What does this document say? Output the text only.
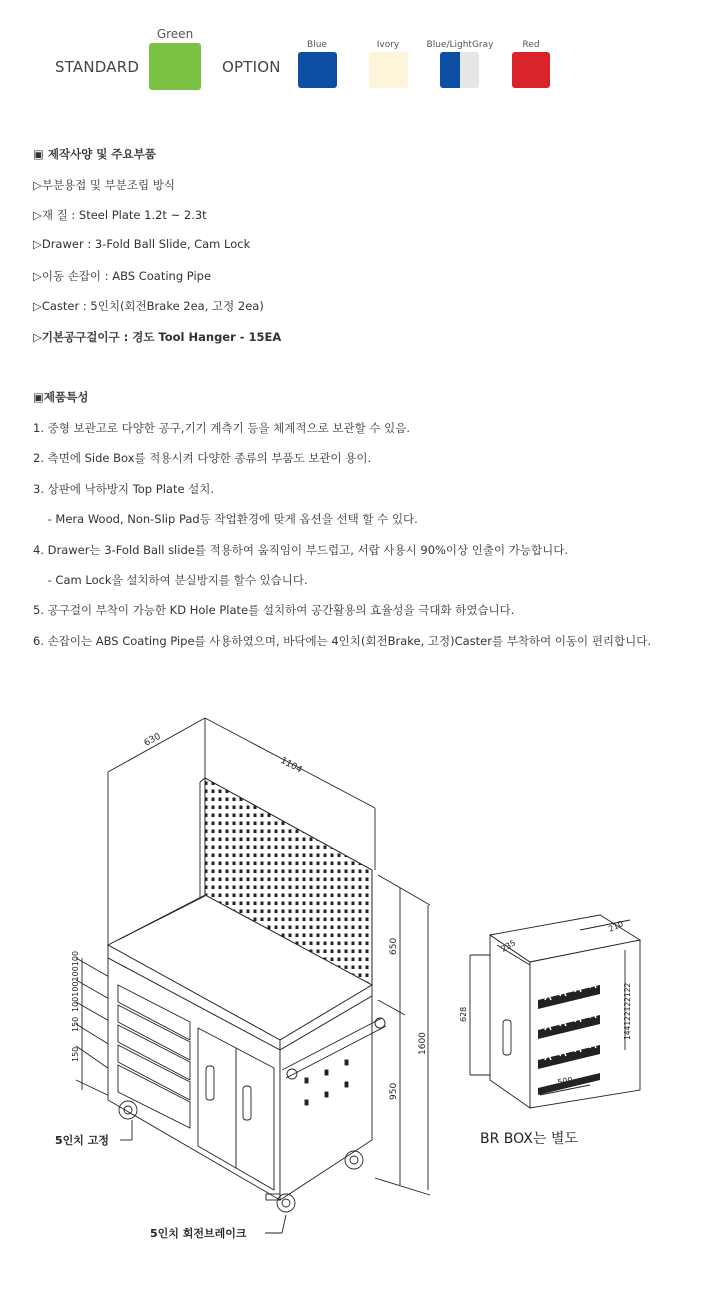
STANDARD
Green
OPTION
Blue	Ivory	Blue/LightGray	Red
▣ 제작사양 및 주요부품
▷부분용접 및 부분조립 방식
▷재 질 : Steel Plate 1.2t ~ 2.3t
▷Drawer : 3-Fold Ball Slide, Cam Lock
▷이동 손잡이 : ABS Coating Pipe
▷Caster : 5인치(회전Brake 2ea, 고정 2ea)
▷기본공구걸이구 : 경도 Tool Hanger - 15EA
▣제품특성
1. 중형 보관고로 다양한 공구,기기 계측기 등을 체계적으로 보관할 수 있음.
2. 측면에 Side Box를 적용시켜 다양한 종류의 부품도 보관이 용이.
3. 상판에 낙하방지 Top Plate 설치.
- Mera Wood, Non-Slip Pad등 작업환경에 맞게 옵션을 선택 할 수 있다.
4. Drawer는 3-Fold Ball slide를 적용하여 움직임이 부드럽고, 서랍 사용시 90%이상 인출이 가능합니다.
- Cam Lock을 설치하여 분실방지를 할수 있습니다.
5. 공구걸이 부착이 가능한 KD Hole Plate를 설치하여 공간활용의 효율성을 극대화 하였습니다.
6. 손잡이는 ABS Coating Pipe를 사용하였으며, 바닥에는 4인치(회전Brake, 고정)Caster를 부착하여 이동이 편리합니다.
630
1104
650
1600
950
100100100100
150
150
628
235
500
210
144122122122
5인치 고정
5인치 회전브레이크
BR BOX는 별도
